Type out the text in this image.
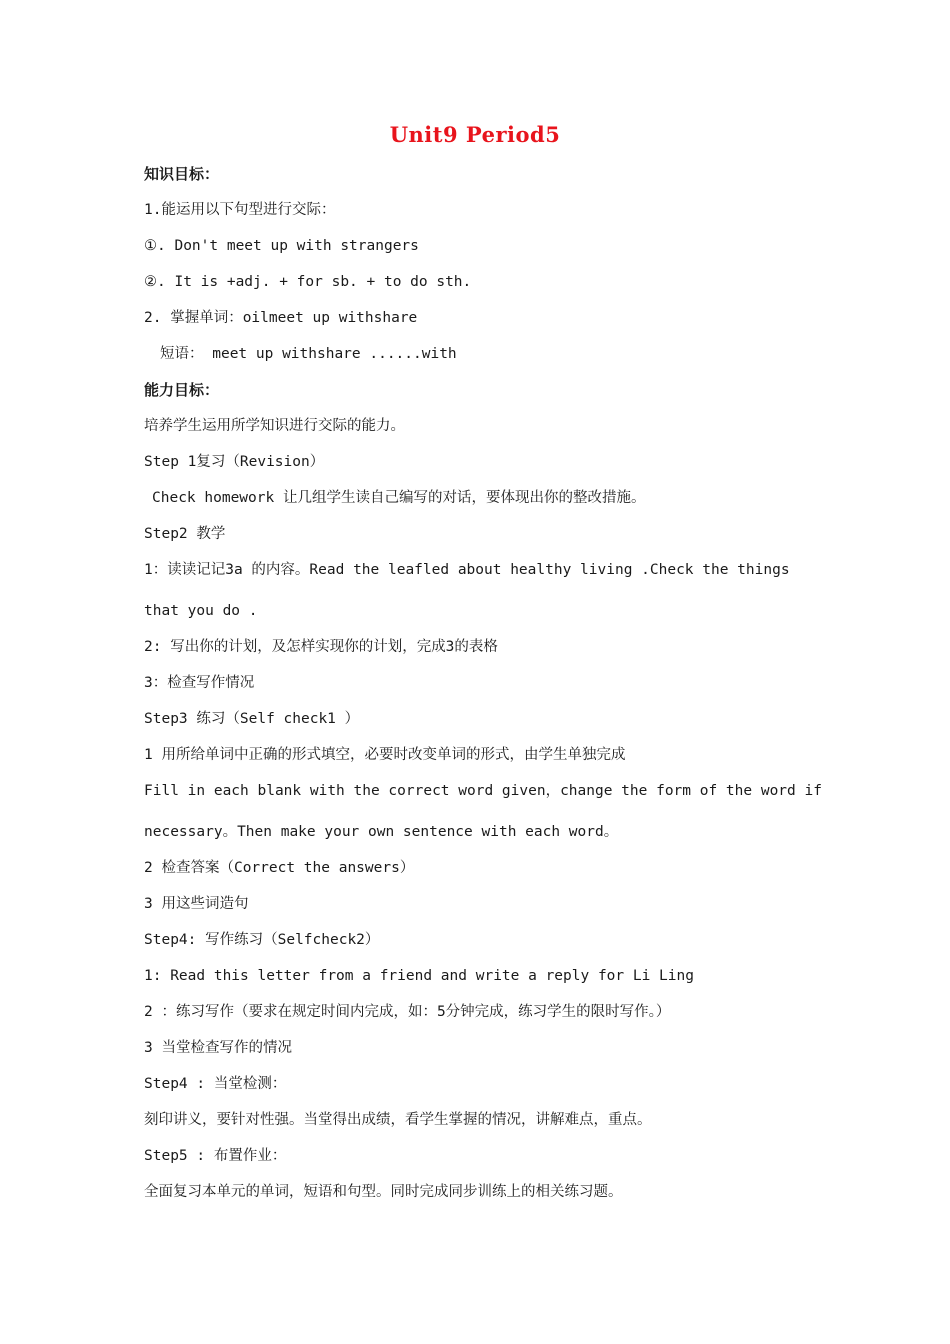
Unit9 Period5
知识目标：
1.能运用以下句型进行交际：
①. Don't meet up with strangers
②. It is +adj. + for sb. + to do sth.
2. 掌握单词：oilmeet up withshare
短语： meet up withshare ......with
能力目标：
培养学生运用所学知识进行交际的能力。
Step 1复习（Revision）
Check homework 让几组学生读自己编写的对话，要体现出你的整改措施。
Step2 教学
1：读读记记3a 的内容。Read the leafled about healthy living .Check the things
that you do .
2: 写出你的计划，及怎样实现你的计划，完成3的表格
3：检查写作情况
Step3 练习（Self check1 ）
1 用所给单词中正确的形式填空，必要时改变单词的形式，由学生单独完成
Fill in each blank with the correct word given，change the form of the word if
necessary。Then make your own sentence with each word。
2 检查答案（Correct the answers）
3 用这些词造句
Step4: 写作练习（Selfcheck2）
1: Read this letter from a friend and write a reply for Li Ling
2 ：练习写作（要求在规定时间内完成，如：5分钟完成，练习学生的限时写作。）
3 当堂检查写作的情况
Step4 : 当堂检测：
刻印讲义，要针对性强。当堂得出成绩，看学生掌握的情况，讲解难点，重点。
Step5 : 布置作业：
全面复习本单元的单词，短语和句型。同时完成同步训练上的相关练习题。
